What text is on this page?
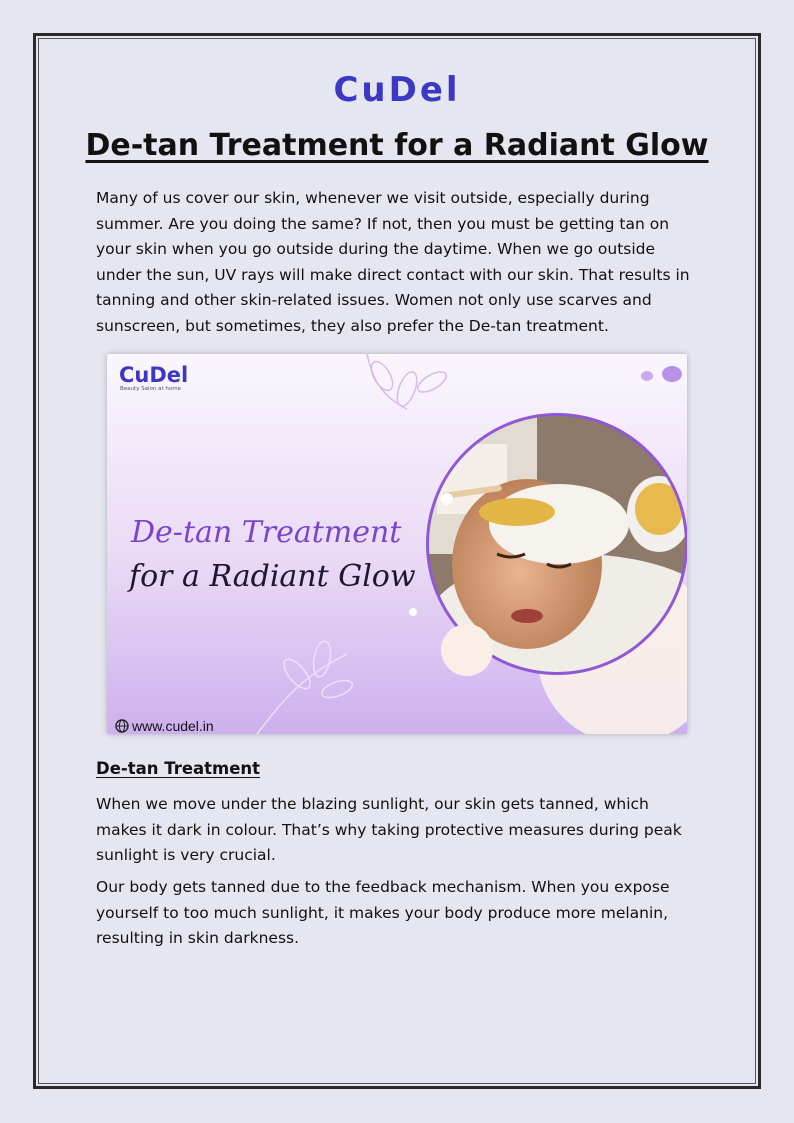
CuDel
De-tan Treatment for a Radiant Glow

Many of us cover our skin, whenever we visit outside, especially during summer. Are you doing the same? If not, then you must be getting tan on your skin when you go outside during the daytime. When we go outside under the sun, UV rays will make direct contact with our skin. That results in tanning and other skin-related issues. Women not only use scarves and sunscreen, but sometimes, they also prefer the De-tan treatment.

CuDel
Beauty Salon at home
De-tan Treatment
for a Radiant Glow
www.cudel.in
De-tan Treatment

When we move under the blazing sunlight, our skin gets tanned, which makes it dark in colour. That’s why taking protective measures during peak sunlight is very crucial.

Our body gets tanned due to the feedback mechanism. When you expose yourself to too much sunlight, it makes your body produce more melanin, resulting in skin darkness.
